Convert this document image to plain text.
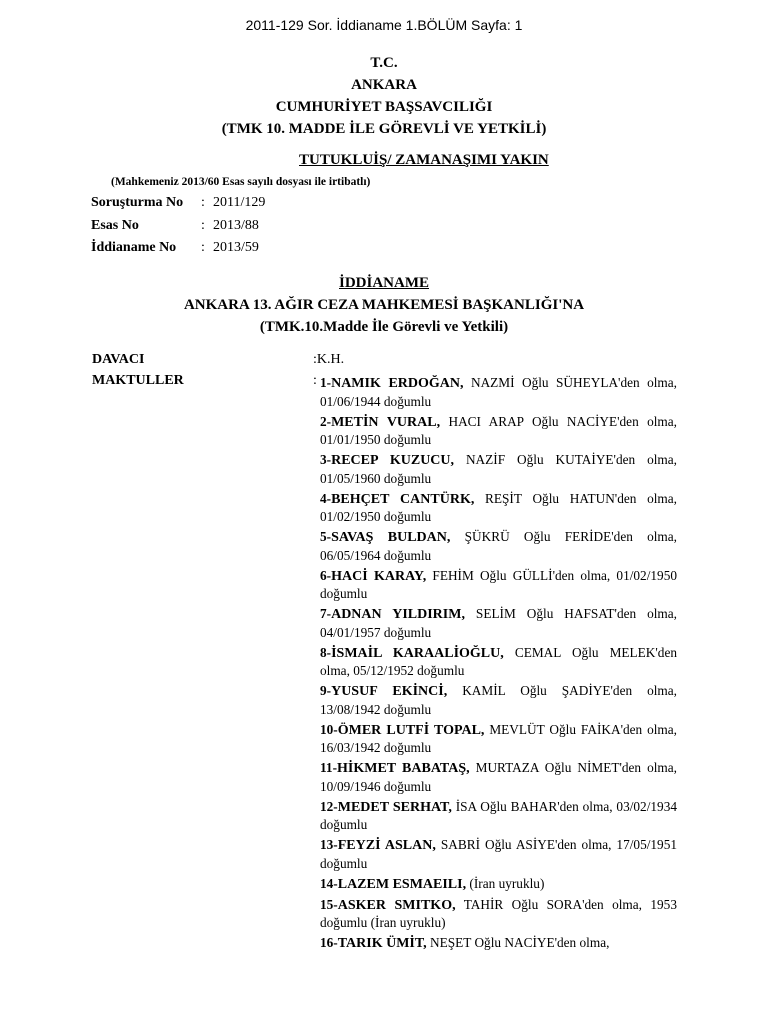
2011-129 Sor. İddianame 1.BÖLÜM Sayfa: 1
T.C.
ANKARA
CUMHURİYET BAŞSAVCILIĞI
(TMK 10. MADDE İLE GÖREVLİ VE YETKİLİ)
TUTUKLUİŞ/ ZAMANAŞIMI YAKIN
(Mahkemeniz 2013/60 Esas sayılı dosyası ile irtibatlı)
Soruşturma No	: 2011/129
Esas No	: 2013/88
İddianame No	: 2013/59
İDDİANAME
ANKARA 13. AĞIR CEZA MAHKEMESİ BAŞKANLIĞI'NA
(TMK.10.Madde İle Görevli ve Yetkili)
DAVACI	:K.H.
MAKTULLER	: 1-NAMIK ERDOĞAN, NAZMİ Oğlu SÜHEYLA'den olma, 01/06/1944 doğumlu
2-METİN VURAL, HACI ARAP Oğlu NACİYE'den olma, 01/01/1950 doğumlu
3-RECEP KUZUCU, NAZİF Oğlu KUTAİYE'den olma, 01/05/1960 doğumlu
4-BEHÇET CANTÜRK, REŞİT Oğlu HATUN'den olma, 01/02/1950 doğumlu
5-SAVAŞ BULDAN, ŞÜKRÜ Oğlu FERİDE'den olma, 06/05/1964 doğumlu
6-HACİ KARAY, FEHİM Oğlu GÜLLİ'den olma, 01/02/1950 doğumlu
7-ADNAN YILDIRIM, SELİM Oğlu HAFSAT'den olma, 04/01/1957 doğumlu
8-İSMAİL KARAALİOĞLU, CEMAL Oğlu MELEK'den olma, 05/12/1952 doğumlu
9-YUSUF EKİNCİ, KAMİL Oğlu ŞADİYE'den olma, 13/08/1942 doğumlu
10-ÖMER LUTFİ TOPAL, MEVLÜT Oğlu FAİKA'den olma, 16/03/1942 doğumlu
11-HİKMET BABATAŞ, MURTAZA Oğlu NİMET'den olma, 10/09/1946 doğumlu
12-MEDET SERHAT, İSA Oğlu BAHAR'den olma, 03/02/1934 doğumlu
13-FEYZİ ASLAN, SABRİ Oğlu ASİYE'den olma, 17/05/1951 doğumlu
14-LAZEM ESMAEILI, (İran uyruklu)
15-ASKER SMITKO, TAHİR Oğlu SORA'den olma, 1953 doğumlu (İran uyruklu)
16-TARIK ÜMİT, NEŞET Oğlu NACİYE'den olma,
